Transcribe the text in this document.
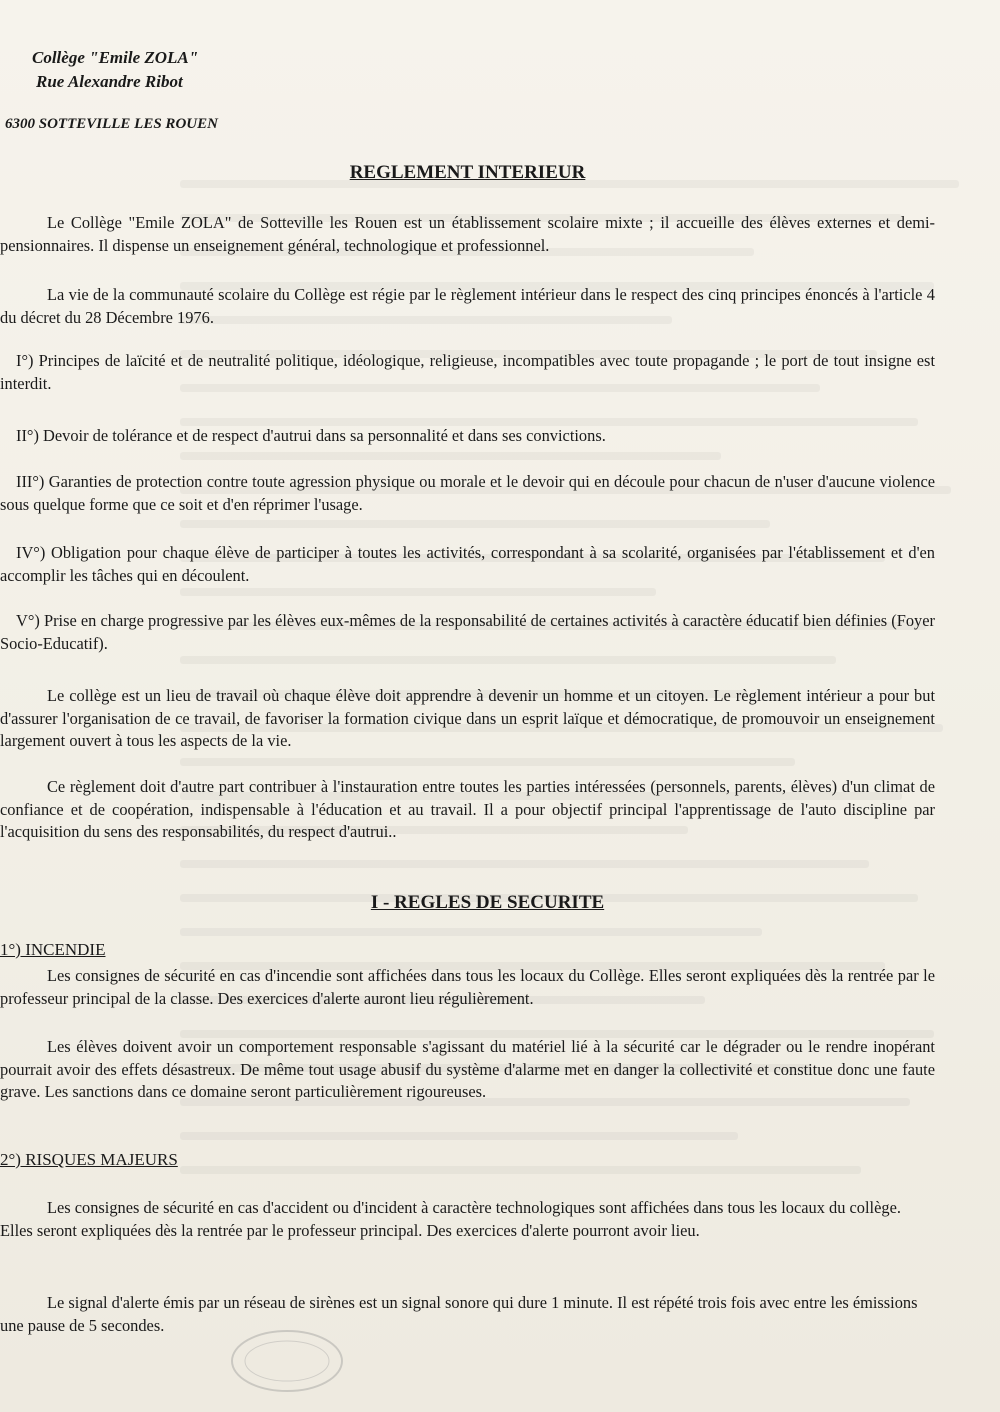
Collège "Emile ZOLA"
Rue Alexandre Ribot
6300 SOTTEVILLE LES ROUEN
REGLEMENT INTERIEUR

Le Collège "Emile ZOLA" de Sotteville les Rouen est un établissement scolaire mixte ; il accueille des élèves externes et demi-pensionnaires. Il dispense un enseignement général, technologique et professionnel.

La vie de la communauté scolaire du Collège est régie par le règlement intérieur dans le respect des cinq principes énoncés à l'article 4 du décret du 28 Décembre 1976.

I°) Principes de laïcité et de neutralité politique, idéologique, religieuse, incompatibles avec toute propagande ; le port de tout insigne est interdit.

II°) Devoir de tolérance et de respect d'autrui dans sa personnalité et dans ses convictions.

III°) Garanties de protection contre toute agression physique ou morale et le devoir qui en découle pour chacun de n'user d'aucune violence sous quelque forme que ce soit et d'en réprimer l'usage.

IV°) Obligation pour chaque élève de participer à toutes les activités, correspondant à sa scolarité, organisées par l'établissement et d'en accomplir les tâches qui en découlent.

V°) Prise en charge progressive par les élèves eux-mêmes de la responsabilité de certaines activités à caractère éducatif bien définies (Foyer Socio-Educatif).

Le collège est un lieu de travail où chaque élève doit apprendre à devenir un homme et un citoyen. Le règlement intérieur a pour but d'assurer l'organisation de ce travail, de favoriser la formation civique dans un esprit laïque et démocratique, de promouvoir un enseignement largement ouvert à tous les aspects de la vie.

Ce règlement doit d'autre part contribuer à l'instauration entre toutes les parties intéressées (personnels, parents, élèves) d'un climat de confiance et de coopération, indispensable à l'éducation et au travail. Il a pour objectif principal l'apprentissage de l'auto discipline par l'acquisition du sens des responsabilités, du respect d'autrui..

I - REGLES DE SECURITE
1°) INCENDIE

Les consignes de sécurité en cas d'incendie sont affichées dans tous les locaux du Collège. Elles seront expliquées dès la rentrée par le professeur principal de la classe. Des exercices d'alerte auront lieu régulièrement.

Les élèves doivent avoir un comportement responsable s'agissant du matériel lié à la sécurité car le dégrader ou le rendre inopérant pourrait avoir des effets désastreux. De même tout usage abusif du système d'alarme met en danger la collectivité et constitue donc une faute grave. Les sanctions dans ce domaine seront particulièrement rigoureuses.

2°) RISQUES MAJEURS

Les consignes de sécurité en cas d'accident ou d'incident à caractère technologiques sont affichées dans tous les locaux du collège. Elles seront expliquées dès la rentrée par le professeur principal. Des exercices d'alerte pourront avoir lieu.

Le signal d'alerte émis par un réseau de sirènes est un signal sonore qui dure 1 minute. Il est répété trois fois avec entre les émissions une pause de 5 secondes.
